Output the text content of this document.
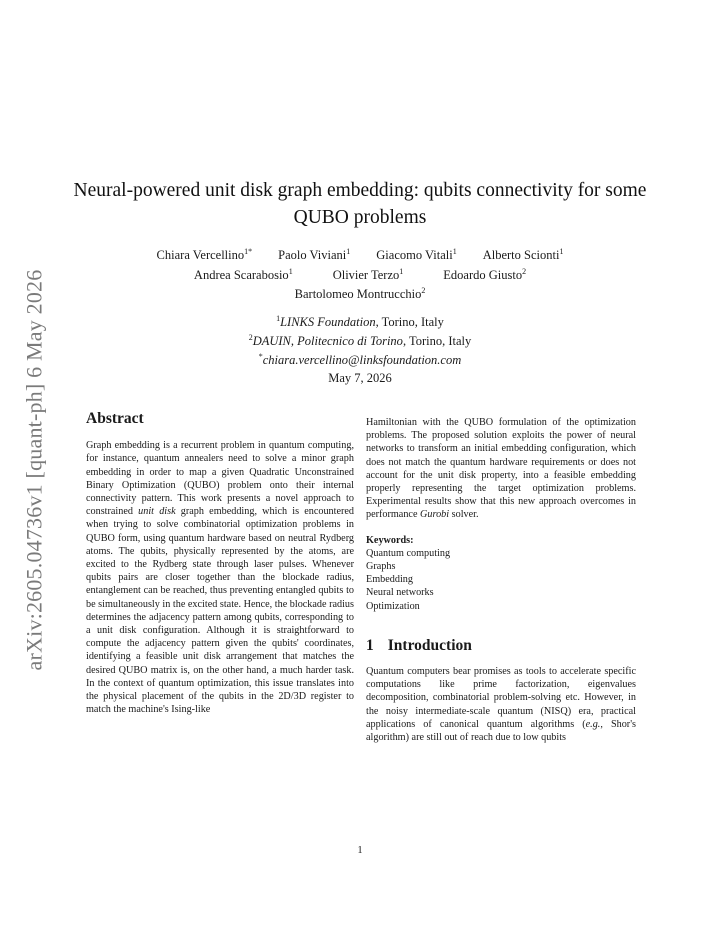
arXiv:2605.04736v1 [quant-ph] 6 May 2026
Neural-powered unit disk graph embedding: qubits connectivity for some QUBO problems
Chiara Vercellino$^{1*}$ Paolo Viviani$^1$ Giacomo Vitali$^1$ Alberto Scionti$^1$
Andrea Scarabosio$^1$	Olivier Terzo$^1$	Edoardo Giusto$^2$
Bartolomeo Montrucchio$^2$
$^1$LINKS Foundation, Torino, Italy
$^2$DAUIN, Politecnico di Torino, Torino, Italy
*chiara.vercellino@linksfoundation.com
May 7, 2026
Abstract

Graph embedding is a recurrent problem in quantum computing, for instance, quantum annealers need to solve a minor graph embedding in order to map a given Quadratic Unconstrained Binary Optimization (QUBO) problem onto their internal connectivity pattern. This work presents a novel approach to constrained unit disk graph embedding, which is encountered when trying to solve combinatorial optimization problems in QUBO form, using quantum hardware based on neutral Rydberg atoms. The qubits, physically represented by the atoms, are excited to the Rydberg state through laser pulses. Whenever qubits pairs are closer together than the blockade radius, entanglement can be reached, thus preventing entangled qubits to be simultaneously in the excited state. Hence, the blockade radius determines the adjacency pattern among qubits, corresponding to a unit disk configuration. Although it is straightforward to compute the adjacency pattern given the qubits' coordinates, identifying a feasible unit disk arrangement that matches the desired QUBO matrix is, on the other hand, a much harder task. In the context of quantum optimization, this issue translates into the physical placement of the qubits in the 2D/3D register to match the machine's Ising-like

Hamiltonian with the QUBO formulation of the optimization problems. The proposed solution exploits the power of neural networks to transform an initial embedding configuration, which does not match the quantum hardware requirements or does not account for the unit disk property, into a feasible embedding properly representing the target optimization problems. Experimental results show that this new approach overcomes in performance Gurobi solver.

Keywords:
Quantum computing
Graphs
Embedding
Neural networks
Optimization
1 Introduction

Quantum computers bear promises as tools to accelerate specific computations like prime factorization, eigenvalues decomposition, combinatorial problem-solving etc. However, in the noisy intermediate-scale quantum (NISQ) era, practical applications of canonical quantum algorithms (e.g., Shor's algorithm) are still out of reach due to low qubits

1
